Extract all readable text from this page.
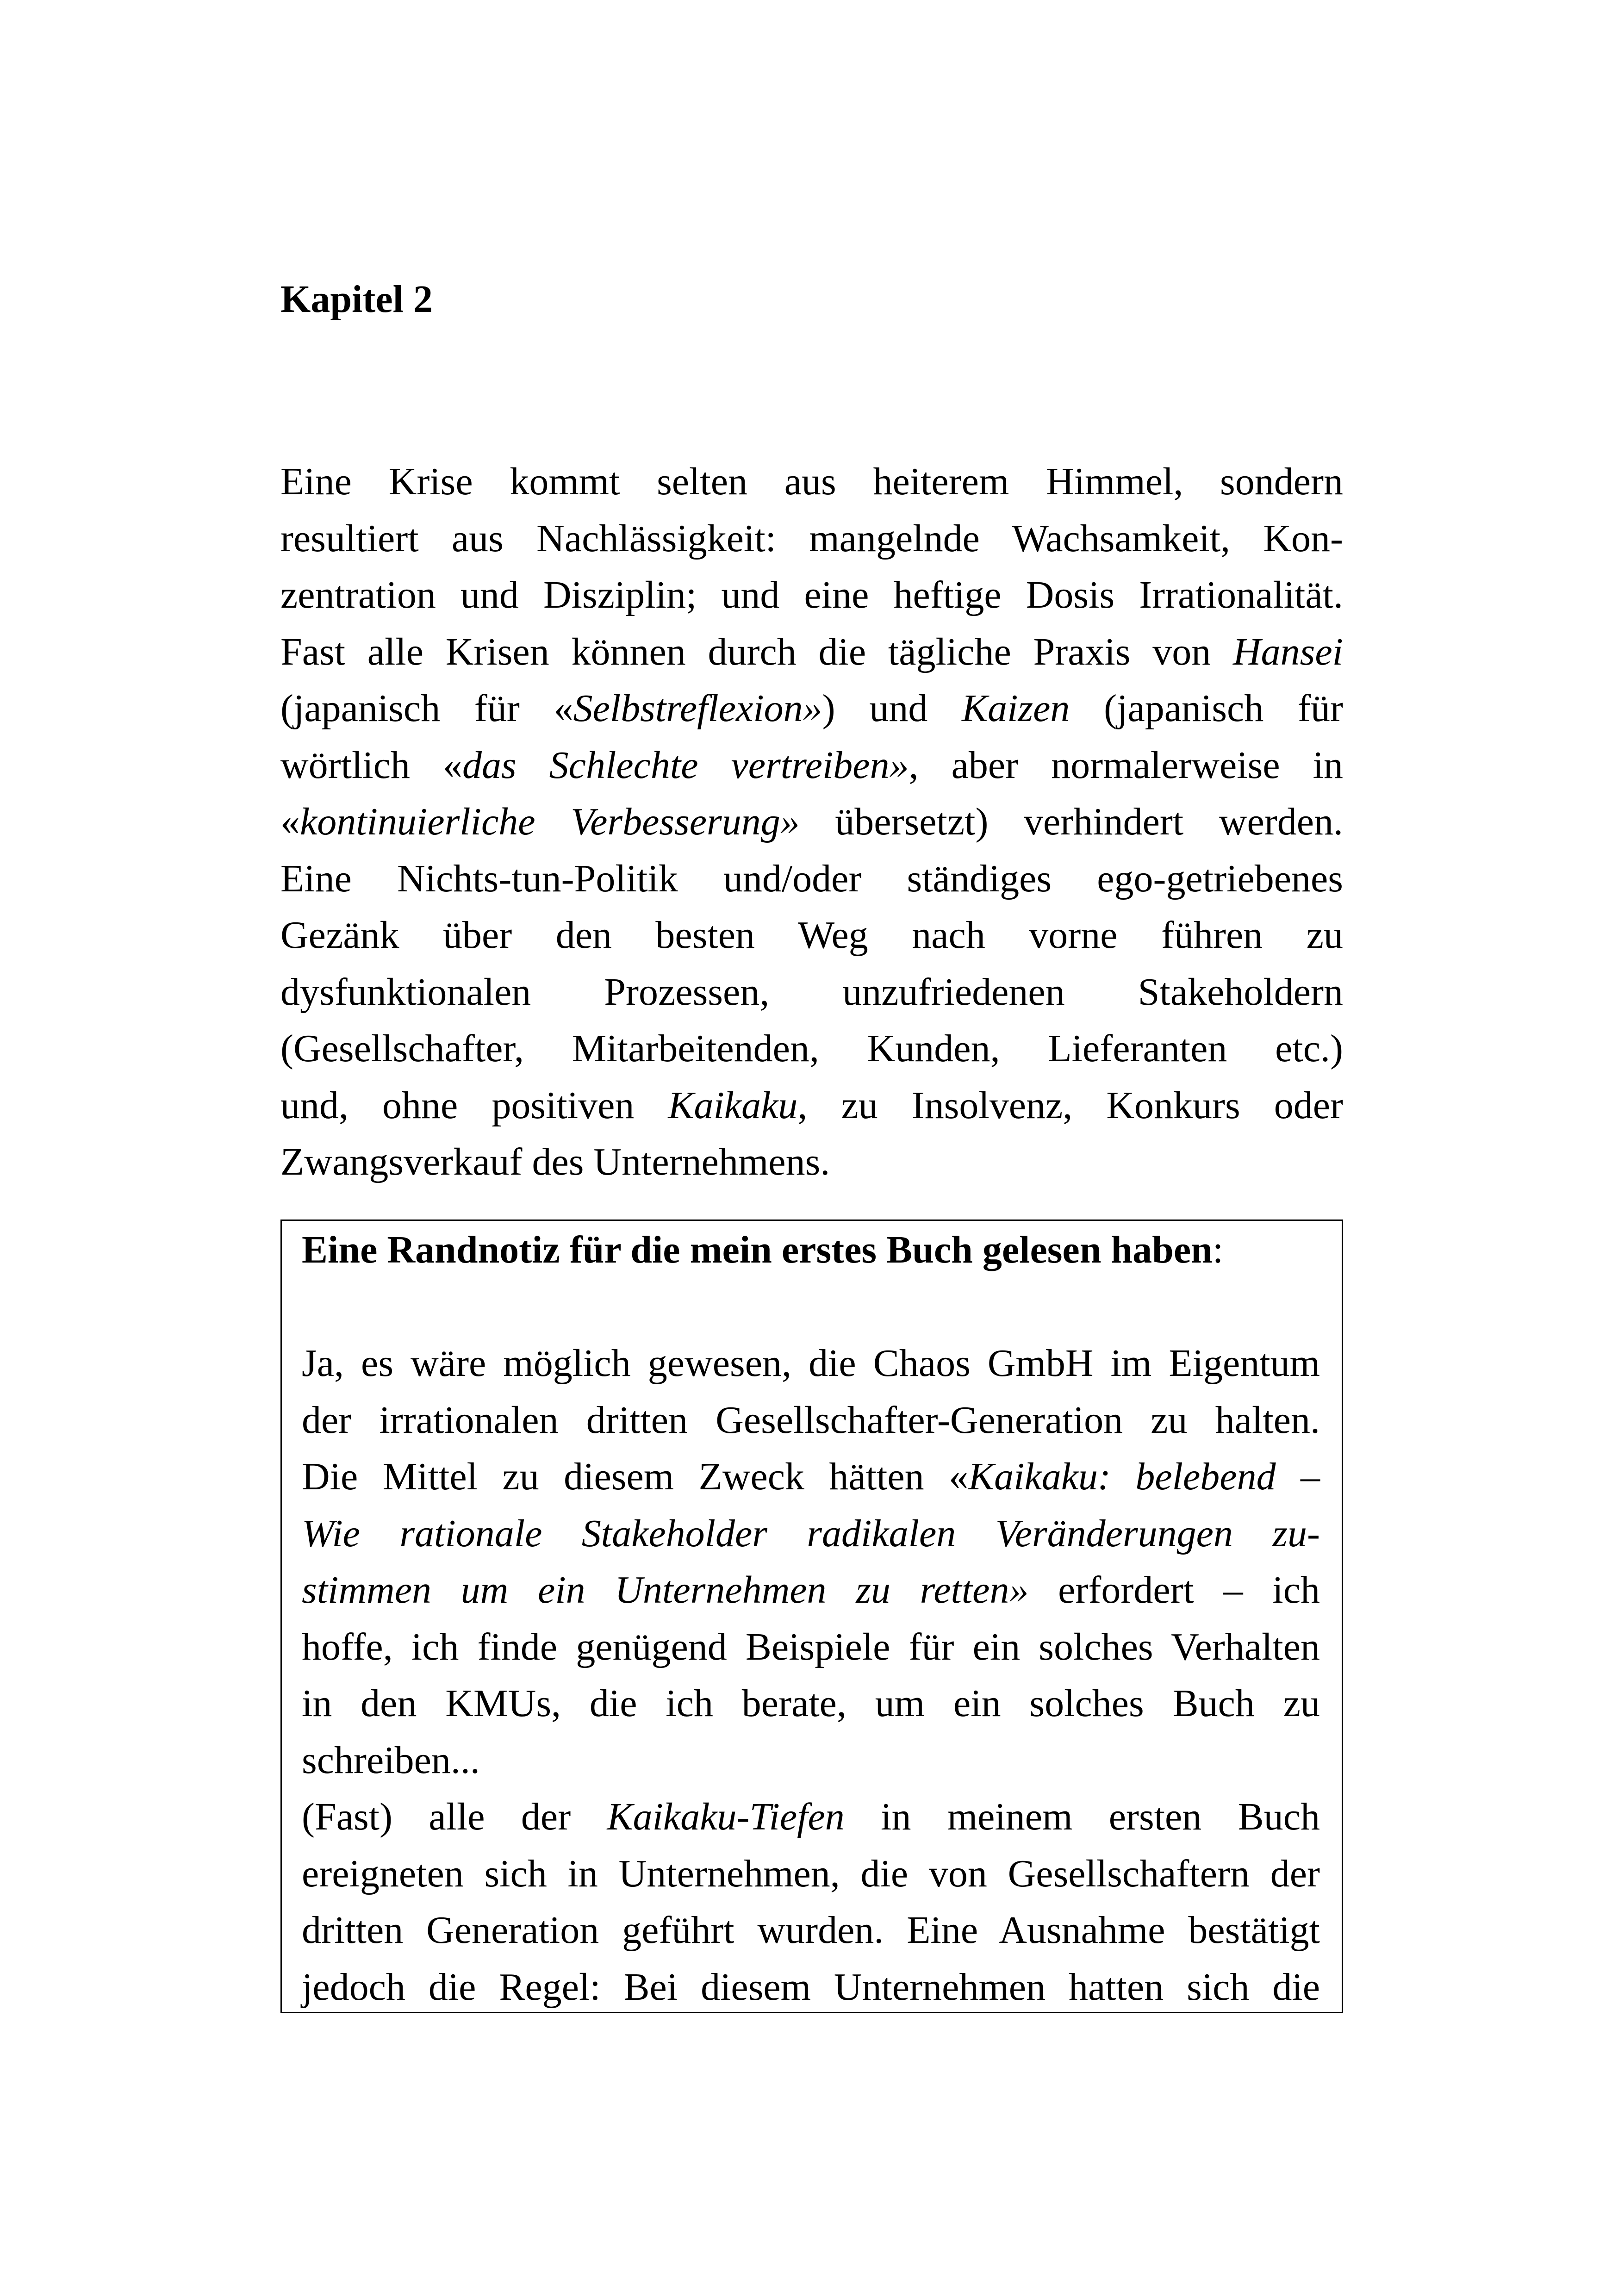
Kapitel 2
Eine Krise kommt selten aus heiterem Himmel, sondern
resultiert aus Nachlässigkeit: mangelnde Wachsamkeit, Kon-
zentration und Disziplin; und eine heftige Dosis Irrationalität.
Fast alle Krisen können durch die tägliche Praxis von Hansei
(japanisch für «Selbstreflexion») und Kaizen (japanisch für
wörtlich «das Schlechte vertreiben», aber normalerweise in
«kontinuierliche Verbesserung» übersetzt) verhindert werden.
Eine Nichts-tun-Politik und/oder ständiges ego-getriebenes
Gezänk über den besten Weg nach vorne führen zu
dysfunktionalen Prozessen, unzufriedenen Stakeholdern
(Gesellschafter, Mitarbeitenden, Kunden, Lieferanten etc.)
und, ohne positiven Kaikaku, zu Insolvenz, Konkurs oder
Zwangsverkauf des Unternehmens.

Eine Randnotiz für die mein erstes Buch gelesen haben:

Ja, es wäre möglich gewesen, die Chaos GmbH im Eigentum
der irrationalen dritten Gesellschafter-Generation zu halten.
Die Mittel zu diesem Zweck hätten «Kaikaku: belebend –
Wie rationale Stakeholder radikalen Veränderungen zu-
stimmen um ein Unternehmen zu retten» erfordert – ich
hoffe, ich finde genügend Beispiele für ein solches Verhalten
in den KMUs, die ich berate, um ein solches Buch zu
schreiben...
(Fast) alle der Kaikaku-Tiefen in meinem ersten Buch
ereigneten sich in Unternehmen, die von Gesellschaftern der
dritten Generation geführt wurden. Eine Ausnahme bestätigt
jedoch die Regel: Bei diesem Unternehmen hatten sich die
